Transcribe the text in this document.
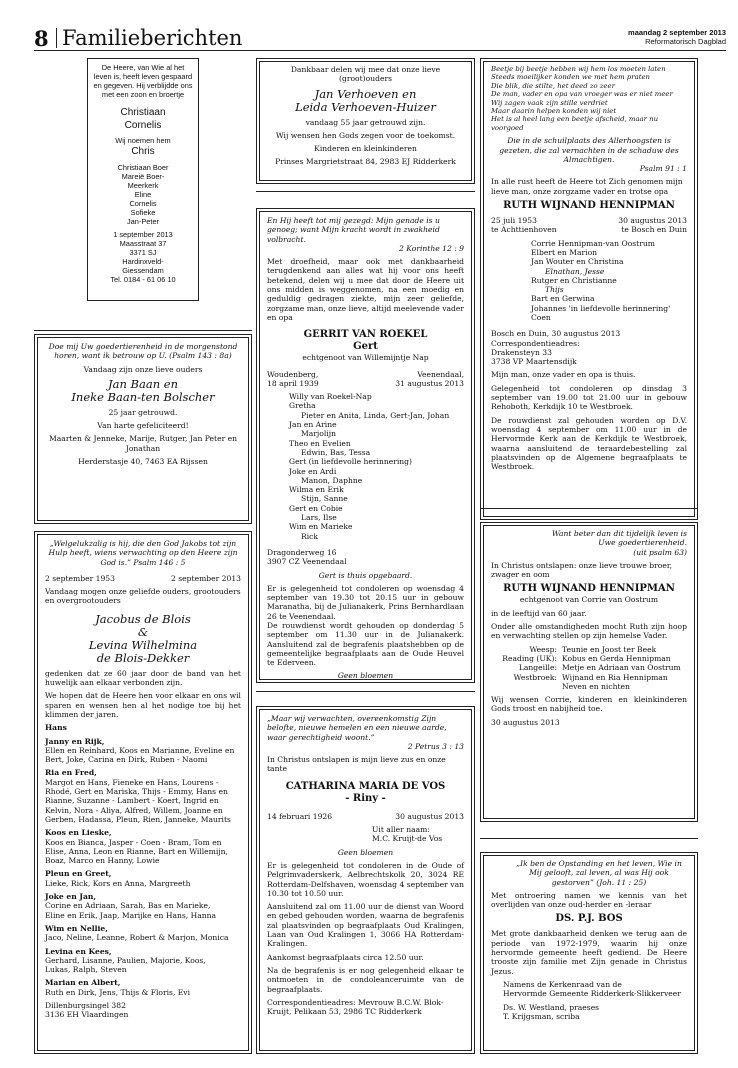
8 Familieberichten	maandag 2 september 2013
Reformatorisch Dagblad

De Heere, van Wie al het leven is, heeft leven gespaard en gegeven. Hij verblijdde ons met een zoon en broertje

Christiaan

Cornelis

Wij noemen hem

Chris

Christiaan Boer

Mareië Boer-

Meerkerk

Eline

Cornelis

Sofieke

Jan-Peter

1 september 2013

Maasstraat 37

3371 SJ

Hardinxveld-

Giessendam

Tel. 0184 - 61 06 10

Doe mij Uw goedertierenheid in de morgenstond horen, want ik betrouw op U. (Psalm 143 : 8a)

Vandaag zijn onze lieve ouders

Jan Baan en

Ineke Baan-ten Bolscher

25 jaar getrouwd.

Van harte gefeliciteerd!

Maarten & Jenneke, Marije, Rutger, Jan Peter en Jonathan

Herderstasje 40, 7463 EA Rijssen

„Welgelukzalig is hij, die den God Jakobs tot zijn Hulp heeft, wiens verwachting op den Heere zijn God is.” Psalm 146 : 5

2 september 1953	2 september 2013

Vandaag mogen onze geliefde ouders, grootouders en overgrootouders

Jacobus de Blois

&

Levina Wilhelmina

de Blois-Dekker

gedenken dat ze 60 jaar door de band van het huwelijk aan elkaar verbonden zijn.

We hopen dat de Heere hen voor elkaar en ons wil sparen en wensen hen al het nodige toe bij het klimmen der jaren.

Hans

Janny en Rijk,

Ellen en Reinhard, Koos en Marianne, Eveline en

Bert, Joke, Carina en Dirk, Ruben - Naomi

Ria en Fred,

Margot en Hans, Fieneke en Hans, Lourens -

Rhodé, Gert en Mariska, Thijs - Emmy, Hans en

Rianne, Suzanne - Lambert - Koert, Ingrid en

Kelvin, Nora - Aliya, Alfred, Willem, Joanne en

Gerben, Hadassa, Pleun, Rien, Janneke, Maurits

Koos en Lieske,

Koos en Bianca, Jasper - Coen - Bram, Tom en

Elise, Anna, Leon en Rianne, Bart en Willemijn,

Boaz, Marco en Hanny, Lowie

Pleun en Greet,

Lieke, Rick, Kors en Anna, Margreeth

Joke en Jan,

Corine en Adriaan, Sarah, Bas en Marieke,

Eline en Erik, Jaap, Marijke en Hans, Hanna

Wim en Nellie,

Jaco, Neline, Leanne, Robert & Marjon, Monica

Levina en Kees,

Gerhard, Lisanne, Paulien, Majorie, Koos,

Lukas, Ralph, Steven

Marian en Albert,

Ruth en Dirk, Jens, Thijs & Floris, Evi

Dillenburgsingel 382

3136 EH Vlaardingen

Dankbaar delen wij mee dat onze lieve (groot)ouders

Jan Verhoeven en

Leida Verhoeven-Huizer

vandaag 55 jaar getrouwd zijn.

Wij wensen hen Gods zegen voor de toekomst.

Kinderen en kleinkinderen

Prinses Margrietstraat 84, 2983 EJ Ridderkerk

En Hij heeft tot mij gezegd: Mijn genade is u genoeg; want Mijn kracht wordt in zwakheid volbracht.

2 Korinthe 12 : 9

Met droefheid, maar ook met dankbaarheid terugdenkend aan alles wat hij voor ons heeft betekend, delen wij u mee dat door de Heere uit ons midden is weggenomen, na een moedig en geduldig gedragen ziekte, mijn zeer geliefde, zorgzame man, onze lieve, altijd meelevende vader en opa

GERRIT VAN ROEKEL

Gert

echtgenoot van Willemijntje Nap

Woudenberg,	Veenendaal,
18 april 1939	31 augustus 2013

Willy van Roekel-Nap

Gretha

Pieter en Anita, Linda, Gert-Jan, Johan

Jan en Arine

Marjolijn

Theo en Evelien

Edwin, Bas, Tessa

Gert (in liefdevolle herinnering)

Joke en Ardi

Manon, Daphne

Wilma en Erik

Stijn, Sanne

Gert en Cobie

Lars, Ilse

Wim en Marieke

Rick

Dragonderweg 16

3907 CZ Veenendaal

Gert is thuis opgebaard.

Er is gelegenheid tot condoleren op woensdag 4 september van 19.30 tot 20.15 uur in gebouw Maranatha, bij de Julianakerk, Prins Bernhardlaan 26 te Veenendaal.

De rouwdienst wordt gehouden op donderdag 5 september om 11.30 uur in de Julianakerk. Aansluitend zal de begrafenis plaatshebben op de gemeentelijke begraafplaats aan de Oude Heuvel te Ederveen.

Geen bloemen

„Maar wij verwachten, overeenkomstig Zijn belofte, nieuwe hemelen en een nieuwe aarde, waar gerechtigheid woont.”

2 Petrus 3 : 13

In Christus ontslapen is mijn lieve zus en onze tante

CATHARINA MARIA DE VOS

- Riny -

14 februari 1926	30 augustus 2013

Uit aller naam:

M.C. Kruijt-de Vos

Geen bloemen

Er is gelegenheid tot condoleren in de Oude of Pelgrimvaderskerk, Aelbrechtskolk 20, 3024 RE Rotterdam-Delfshaven, woensdag 4 september van 10.30 tot 10.50 uur.

Aansluitend zal om 11.00 uur de dienst van Woord en gebed gehouden worden, waarna de begrafenis zal plaatsvinden op begraafplaats Oud Kralingen, Laan van Oud Kralingen 1, 3066 HA Rotterdam-Kralingen.

Aankomst begraafplaats circa 12.50 uur.

Na de begrafenis is er nog gelegenheid elkaar te ontmoeten in de condoleanceruimte van de begraafplaats.

Correspondentieadres: Mevrouw B.C.W. Blok-Kruijt, Pelikaan 53, 2986 TC Ridderkerk

Beetje bij beetje hebben wij hem los moeten laten

Steeds moeilijker konden we met hem praten

Die blik, die stilte, het deed zo zeer

De man, vader en opa van vroeger was er niet meer

Wij zagen vaak zijn stille verdriet

Maar daarin helpen konden wij niet

Het is al heel lang een beetje afscheid, maar nu voorgoed

Die in de schuilplaats des Allerhoogsten is gezeten, die zal vernachten in de schaduw des Almachtigen.

Psalm 91 : 1

In alle rust heeft de Heere tot Zich genomen mijn lieve man, onze zorgzame vader en trotse opa

RUTH WIJNAND HENNIPMAN

25 juli 1953	30 augustus 2013
te Achttienhoven	te Bosch en Duin

Corrie Hennipman-van Oostrum

Elbert en Marion

Jan Wouter en Christina

Elnathan, Jesse

Rutger en Christianne

Thijs

Bart en Gerwina

Johannes 'in liefdevolle herinnering'

Coen

Bosch en Duin, 30 augustus 2013

Correspondentieadres:

Drakensteyn 33

3738 VP Maartensdijk

Mijn man, onze vader en opa is thuis.

Gelegenheid tot condoleren op dinsdag 3 september van 19.00 tot 21.00 uur in gebouw Rehoboth, Kerkdijk 10 te Westbroek.

De rouwdienst zal gehouden worden op D.V. woensdag 4 september om 11.00 uur in de Hervormde Kerk aan de Kerkdijk te Westbroek, waarna aansluitend de teraardebestelling zal plaatsvinden op de Algemene begraafplaats te Westbroek.

Want beter dan dit tijdelijk leven is Uwe goedertierenheid.

(uit psalm 63)

In Christus ontslapen: onze lieve trouwe broer, zwager en oom

RUTH WIJNAND HENNIPMAN

echtgenoot van Corrie van Oostrum

in de leeftijd van 60 jaar.

Onder alle omstandigheden mocht Ruth zijn hoop en verwachting stellen op zijn hemelse Vader.

Weesp: Teunie en Joost ter Beek
Reading (UK): Kobus en Gerda Hennipman
Langeille: Metje en Adriaan van Oostrum
Westbroek: Wijnand en Ria Hennipman
Neven en nichten

Wij wensen Corrie, kinderen en kleinkinderen Gods troost en nabijheid toe.

30 augustus 2013

„Ik ben de Opstanding en het leven, Wie in Mij gelooft, zal leven, al was Hij ook gestorven” (Joh. 11 : 25)

Met ontroering namen we kennis van het overlijden van onze oud-herder en -leraar

DS. P.J. BOS

Met grote dankbaarheid denken we terug aan de periode van 1972-1979, waarin hij onze hervormde gemeente heeft gediend. De Heere trooste zijn familie met Zijn genade in Christus Jezus.

Namens de Kerkenraad van de

Hervormde Gemeente Ridderkerk-Slikkerveer

Ds. W. Westland, praeses

T. Krijgsman, scriba
